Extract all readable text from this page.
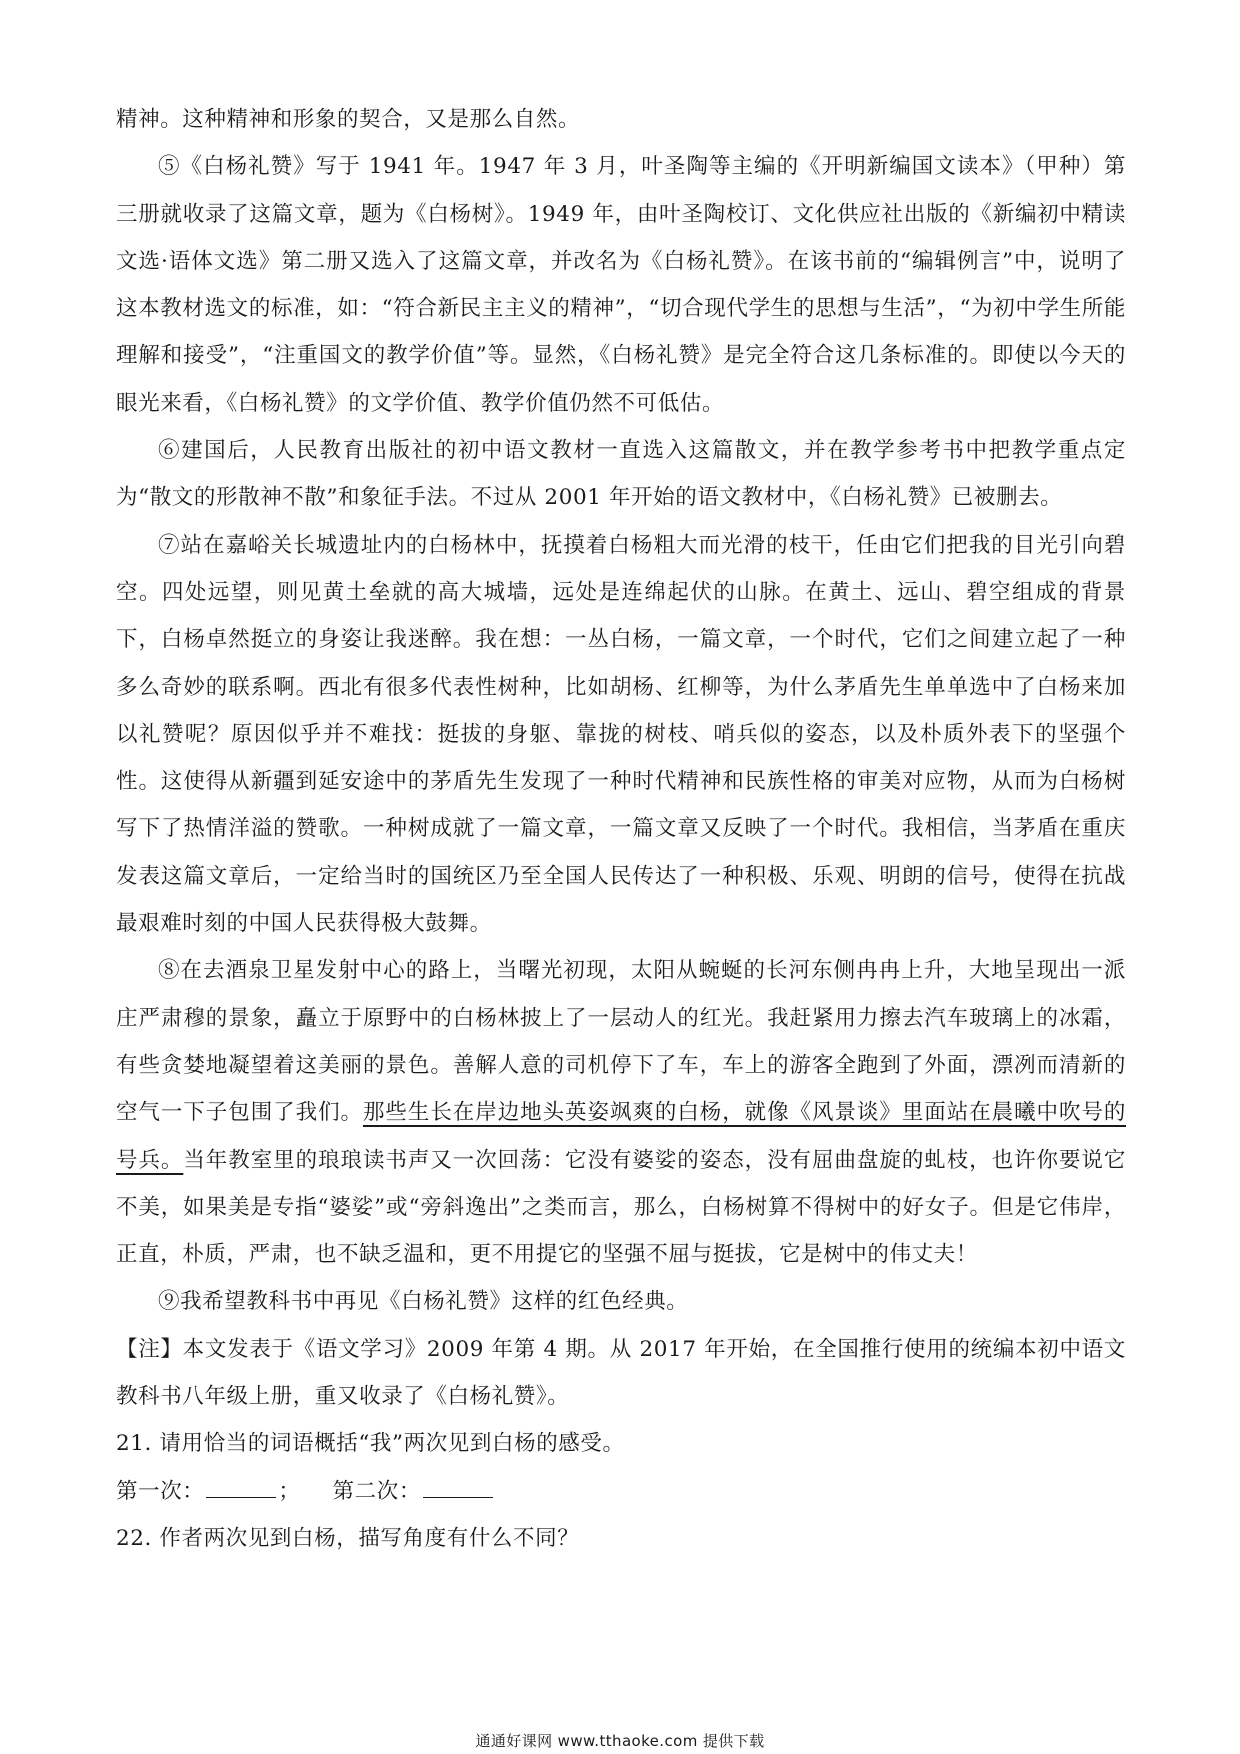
精神。这种精神和形象的契合，又是那么自然。

⑤《白杨礼赞》写于 1941 年。1947 年 3 月，叶圣陶等主编的《开明新编国文读本》（甲种）第三册就收录了这篇文章，题为《白杨树》。1949 年，由叶圣陶校订、文化供应社出版的《新编初中精读文选·语体文选》第二册又选入了这篇文章，并改名为《白杨礼赞》。在该书前的“编辑例言”中，说明了这本教材选文的标准，如：“符合新民主主义的精神”，“切合现代学生的思想与生活”，“为初中学生所能理解和接受”，“注重国文的教学价值”等。显然，《白杨礼赞》是完全符合这几条标准的。即使以今天的眼光来看，《白杨礼赞》的文学价值、教学价值仍然不可低估。

⑥建国后，人民教育出版社的初中语文教材一直选入这篇散文，并在教学参考书中把教学重点定为“散文的形散神不散”和象征手法。不过从 2001 年开始的语文教材中，《白杨礼赞》已被删去。

⑦站在嘉峪关长城遗址内的白杨林中，抚摸着白杨粗大而光滑的枝干，任由它们把我的目光引向碧空。四处远望，则见黄土垒就的高大城墙，远处是连绵起伏的山脉。在黄土、远山、碧空组成的背景下，白杨卓然挺立的身姿让我迷醉。我在想：一丛白杨，一篇文章，一个时代，它们之间建立起了一种多么奇妙的联系啊。西北有很多代表性树种，比如胡杨、红柳等，为什么茅盾先生单单选中了白杨来加以礼赞呢？原因似乎并不难找：挺拔的身躯、靠拢的树枝、哨兵似的姿态，以及朴质外表下的坚强个性。这使得从新疆到延安途中的茅盾先生发现了一种时代精神和民族性格的审美对应物，从而为白杨树写下了热情洋溢的赞歌。一种树成就了一篇文章，一篇文章又反映了一个时代。我相信，当茅盾在重庆发表这篇文章后，一定给当时的国统区乃至全国人民传达了一种积极、乐观、明朗的信号，使得在抗战最艰难时刻的中国人民获得极大鼓舞。

⑧在去酒泉卫星发射中心的路上，当曙光初现，太阳从蜿蜒的长河东侧冉冉上升，大地呈现出一派庄严肃穆的景象，矗立于原野中的白杨林披上了一层动人的红光。我赶紧用力擦去汽车玻璃上的冰霜，有些贪婪地凝望着这美丽的景色。善解人意的司机停下了车，车上的游客全跑到了外面，漂冽而清新的空气一下子包围了我们。那些生长在岸边地头英姿飒爽的白杨，就像《风景谈》里面站在晨曦中吹号的号兵。当年教室里的琅琅读书声又一次回荡：它没有婆娑的姿态，没有屈曲盘旋的虬枝，也许你要说它不美，如果美是专指“婆娑”或“旁斜逸出”之类而言，那么，白杨树算不得树中的好女子。但是它伟岸，正直，朴质，严肃，也不缺乏温和，更不用提它的坚强不屈与挺拔，它是树中的伟丈夫！

⑨我希望教科书中再见《白杨礼赞》这样的红色经典。

【注】本文发表于《语文学习》2009 年第 4 期。从 2017 年开始，在全国推行使用的统编本初中语文教科书八年级上册，重又收录了《白杨礼赞》。

21. 请用恰当的词语概括“我”两次见到白杨的感受。

第一次：	； 第二次：

22. 作者两次见到白杨，描写角度有什么不同？

通通好课网 www.tthaoke.com 提供下载
